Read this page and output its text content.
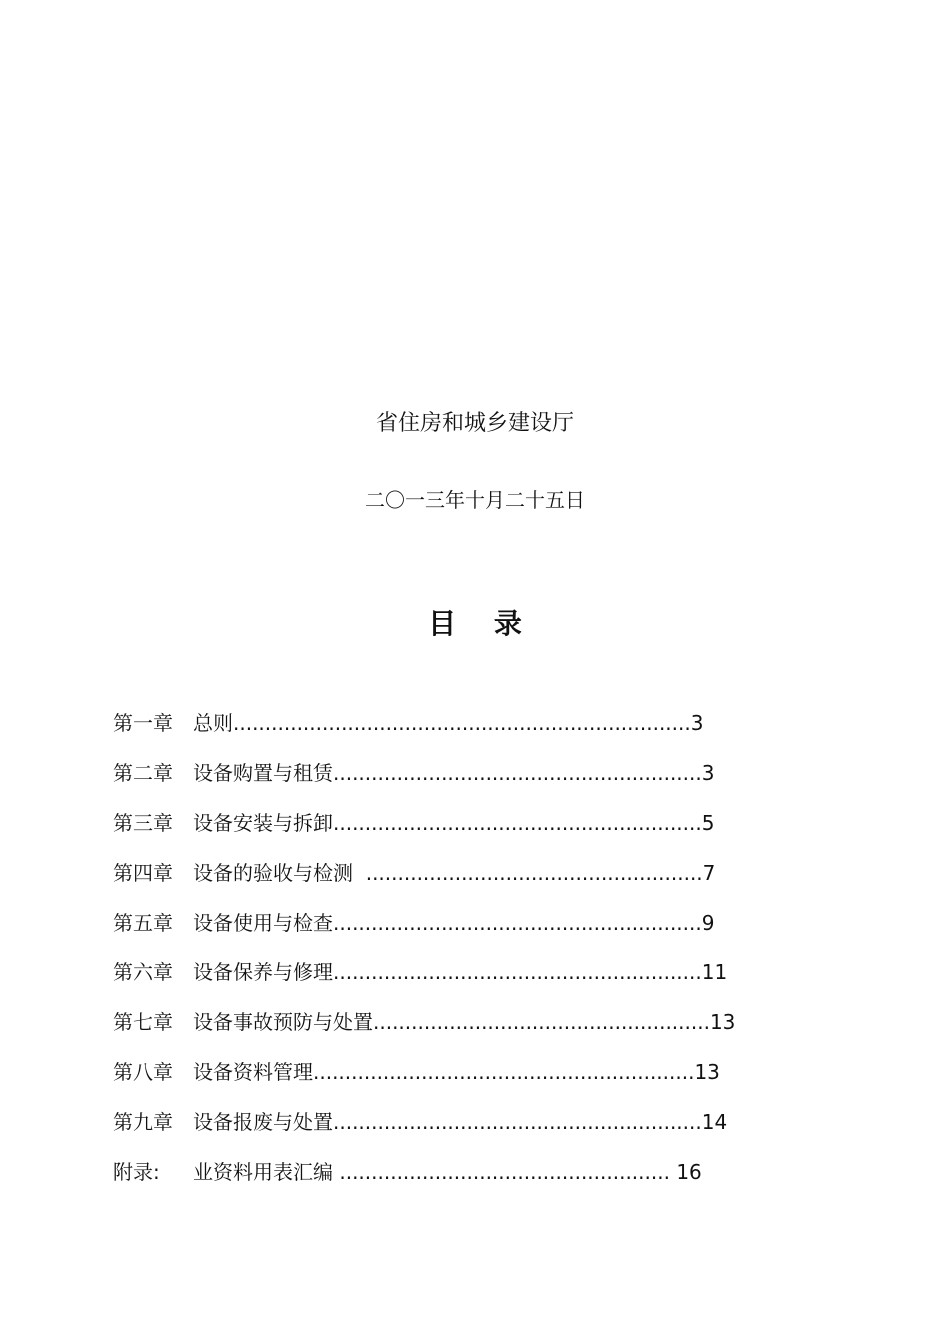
省住房和城乡建设厅
二〇一三年十月二十五日
目 录
第一章 总则........................................................................3
第二章 设备购置与租赁..........................................................3
第三章 设备安装与拆卸..........................................................5
第四章 设备的验收与检测  .....................................................7
第五章 设备使用与检查..........................................................9
第六章 设备保养与修理..........................................................11
第七章 设备事故预防与处置.....................................................13
第八章 设备资料管理............................................................13
第九章 设备报废与处置..........................................................14
附录: 业资料用表汇编 .................................................... 16
